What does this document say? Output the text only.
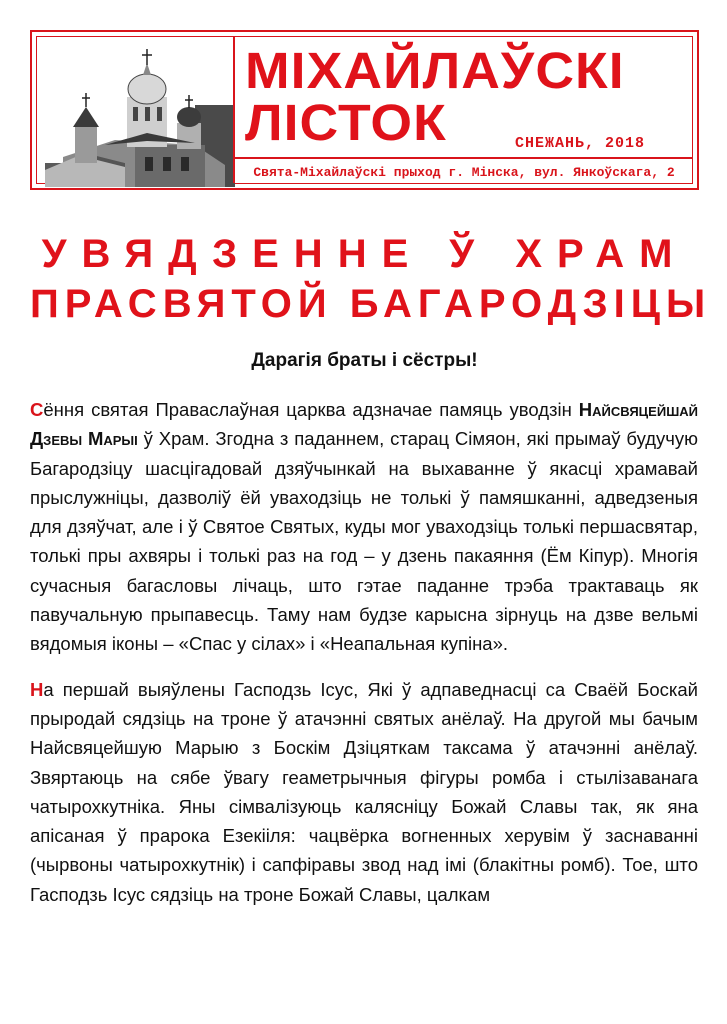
МІХАЙЛАЎСКІ
ЛІСТОК	СНЕЖАНЬ, 2018
Свята-Міхайлаўскі прыход г. Мінска, вул. Янкоўскага, 2
УВЯДЗЕННЕ Ў ХРАМ
ПРАСВЯТОЙ БАГАРОДЗІЦЫ
Дарагія браты і сёстры!

Сёння святая Праваслаўная царква адзначае памяць уводзін Найсвяцейшай Дзевы Марыі ў Храм. Згодна з паданнем, старац Сімяон, які прымаў будучую Багародзіцу шасцігадовай дзяўчынкай на выхаванне ў якасці храмавай прыслужніцы, дазволіў ёй уваходзіць не толькі ў памяшканні, адведзеныя для дзяўчат, але і ў Святое Святых, куды мог уваходзіць толькі першасвятар, толькі пры ахвяры і толькі раз на год – у дзень пакаяння (Ём Кіпур). Многія сучасныя багасловы лічаць, што гэтае паданне трэба трактаваць як павучальную прыпавесць. Таму нам будзе карысна зірнуць на дзве вельмі вядомыя іконы – «Спас у сілах» і «Неапальная купіна».

На першай выяўлены Гасподзь Ісус, Які ў адпаведнасці са Сваёй Боскай прыродай сядзіць на троне ў атачэнні святых анёлаў. На другой мы бачым Найсвяцейшую Марыю з Боскім Дзіцяткам таксама ў атачэнні анёлаў. Звяртаюць на сябе ўвагу геаметрычныя фігуры ромба і стылізаванага чатырохкутніка. Яны сімвалізуюць калясніцу Божай Славы так, як яна апісаная ў прарока Езекііля: чацвёрка вогненных херувім ў заснаванні (чырвоны чатырохкутнік) і сапфіравы звод над імі (блакітны ромб). Тое, што Гасподзь Ісус сядзіць на троне Божай Славы, цалкам
